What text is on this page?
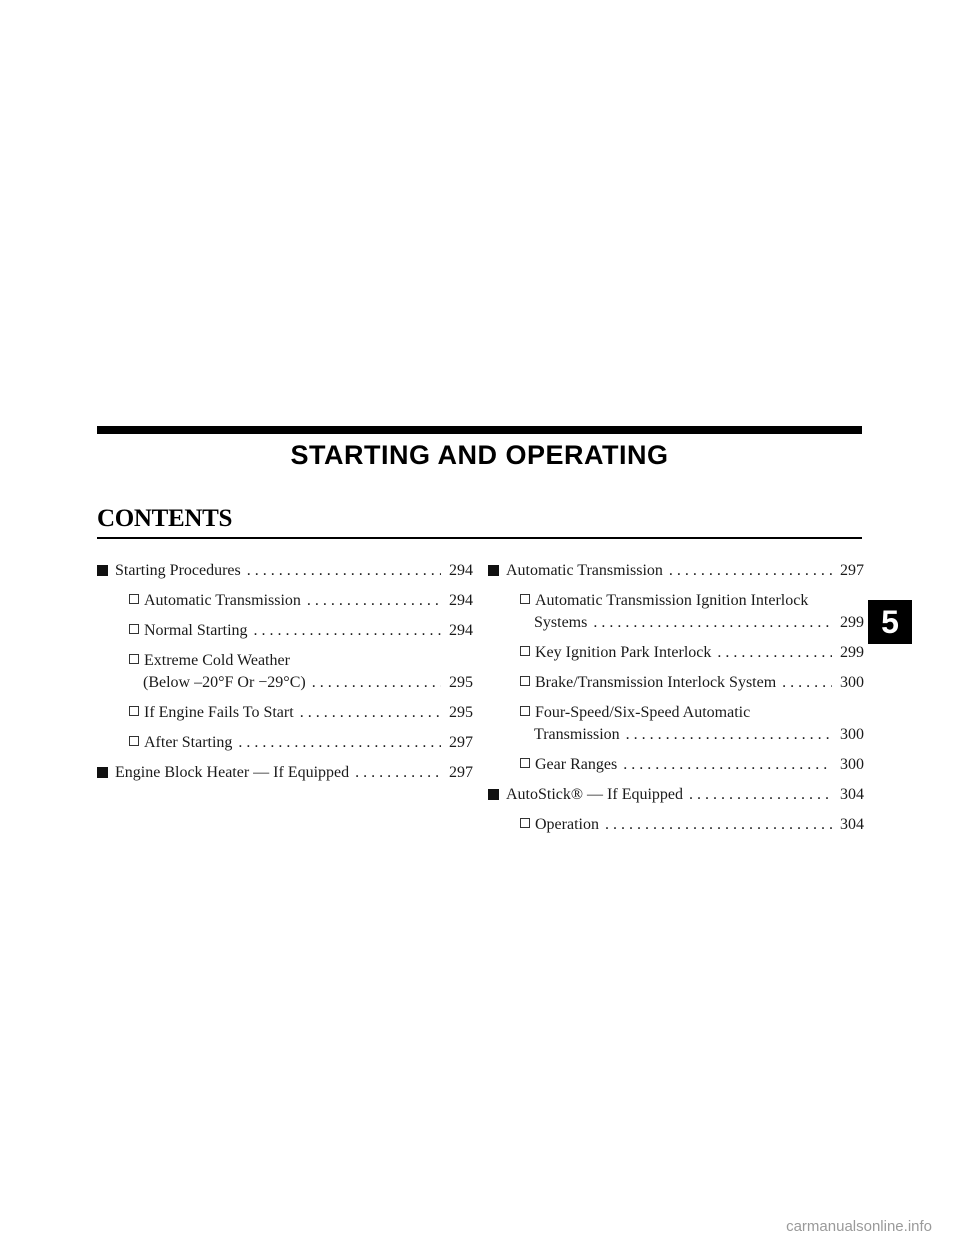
STARTING AND OPERATING
CONTENTS
Starting Procedures . . .	294
Automatic Transmission . . .	294
Normal Starting . . .	294
Extreme Cold Weather
(Below –20°F Or −29°C) . . .	295
If Engine Fails To Start . . .	295
After Starting . . .	297
Engine Block Heater — If Equipped . . .	297
Automatic Transmission . . .	297
Automatic Transmission Ignition Interlock
Systems . . .	299
Key Ignition Park Interlock . . .	299
Brake/Transmission Interlock System . . .	300
Four-Speed/Six-Speed Automatic
Transmission . . .	300
Gear Ranges . . .	300
AutoStick® — If Equipped . . .	304
Operation . . .	304
5
carmanualsonline.info
